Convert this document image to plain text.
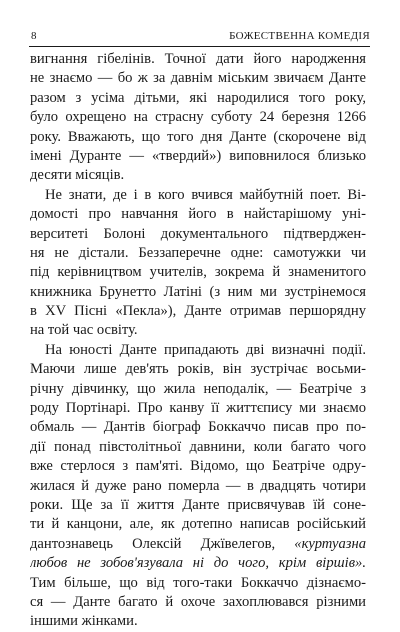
8	БОЖЕСТВЕННА КОМЕДІЯ
вигнання гібелінів. Точної дати його народження
не знаємо — бо ж за давнім міським звичаєм Данте
разом з усіма дітьми, які народилися того року,
було охрещено на страсну суботу 24 березня 1266
року. Вважають, що того дня Данте (скорочене від
імені Дуранте — «твердий») виповнилося близько
десяти місяців.
Не знати, де і в кого вчився майбутній поет. Ві-
домості про навчання його в найстарішому уні-
верситеті Болоні документального підтверджен-
ня не дістали. Беззаперечне одне: самотужки чи
під керівництвом учителів, зокрема й знаменитого
книжника Брунетто Латіні (з ним ми зустрінемося
в XV Пісні «Пекла»), Данте отримав першорядну
на той час освіту.
На юності Данте припадають дві визначні події.
Маючи лише дев'ять років, він зустрічає восьми-
річну дівчинку, що жила неподалік, — Беатріче з
роду Портінарі. Про канву її життєпису ми знаємо
обмаль — Дантів біограф Боккаччо писав про по-
дії понад півстолітньої давнини, коли багато чого
вже стерлося з пам'яті. Відомо, що Беатріче одру-
жилася й дуже рано померла — в двадцять чотири
роки. Ще за її життя Данте присвячував їй соне-
ти й канцони, але, як дотепно написав російський
дантознавець Олексій Джївелегов, «куртуазна
любов не зобов'язувала ні до чого, крім віршів».
Тим більше, що від того-таки Боккаччо дізнаємо-
ся — Данте багато й охоче захоплювався різними
іншими жінками.
